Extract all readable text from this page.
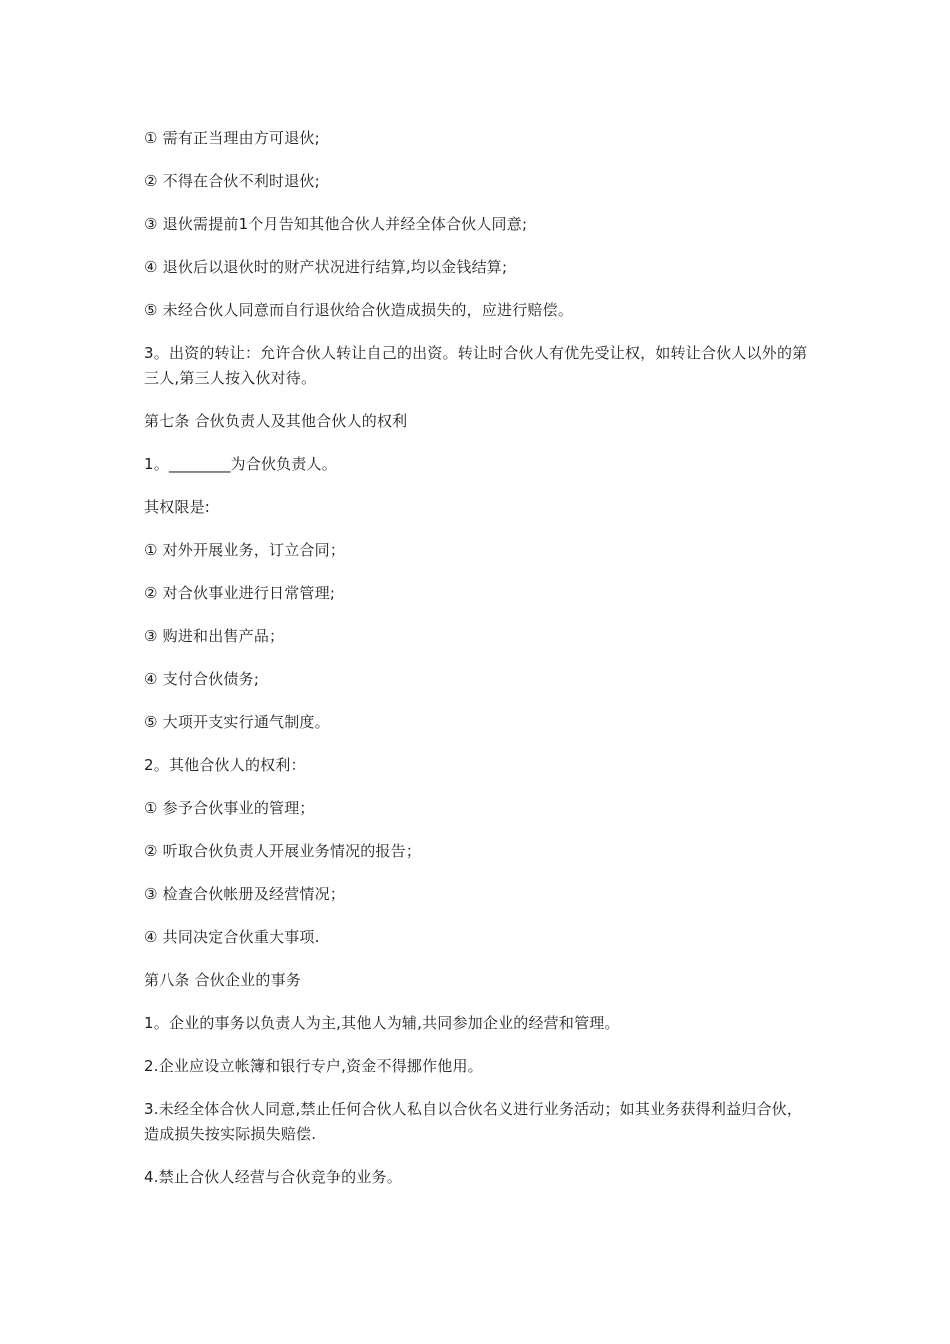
① 需有正当理由方可退伙;

② 不得在合伙不利时退伙;

③ 退伙需提前1个月告知其他合伙人并经全体合伙人同意;

④ 退伙后以退伙时的财产状况进行结算,均以金钱结算;

⑤ 未经合伙人同意而自行退伙给合伙造成损失的，应进行赔偿。

3。出资的转让：允许合伙人转让自己的出资。转让时合伙人有优先受让权，如转让合伙人以外的第三人,第三人按入伙对待。

第七条 合伙负责人及其他合伙人的权利

1。________为合伙负责人。

其权限是:

① 对外开展业务，订立合同；

② 对合伙事业进行日常管理;

③ 购进和出售产品；

④ 支付合伙债务;

⑤ 大项开支实行通气制度。

2。其他合伙人的权利：

① 参予合伙事业的管理；

② 听取合伙负责人开展业务情况的报告；

③ 检查合伙帐册及经营情况；

④ 共同决定合伙重大事项.

第八条 合伙企业的事务

1。企业的事务以负责人为主,其他人为辅,共同参加企业的经营和管理。

2.企业应设立帐簿和银行专户,资金不得挪作他用。

3.未经全体合伙人同意,禁止任何合伙人私自以合伙名义进行业务活动；如其业务获得利益归合伙，造成损失按实际损失赔偿.

4.禁止合伙人经营与合伙竞争的业务。
